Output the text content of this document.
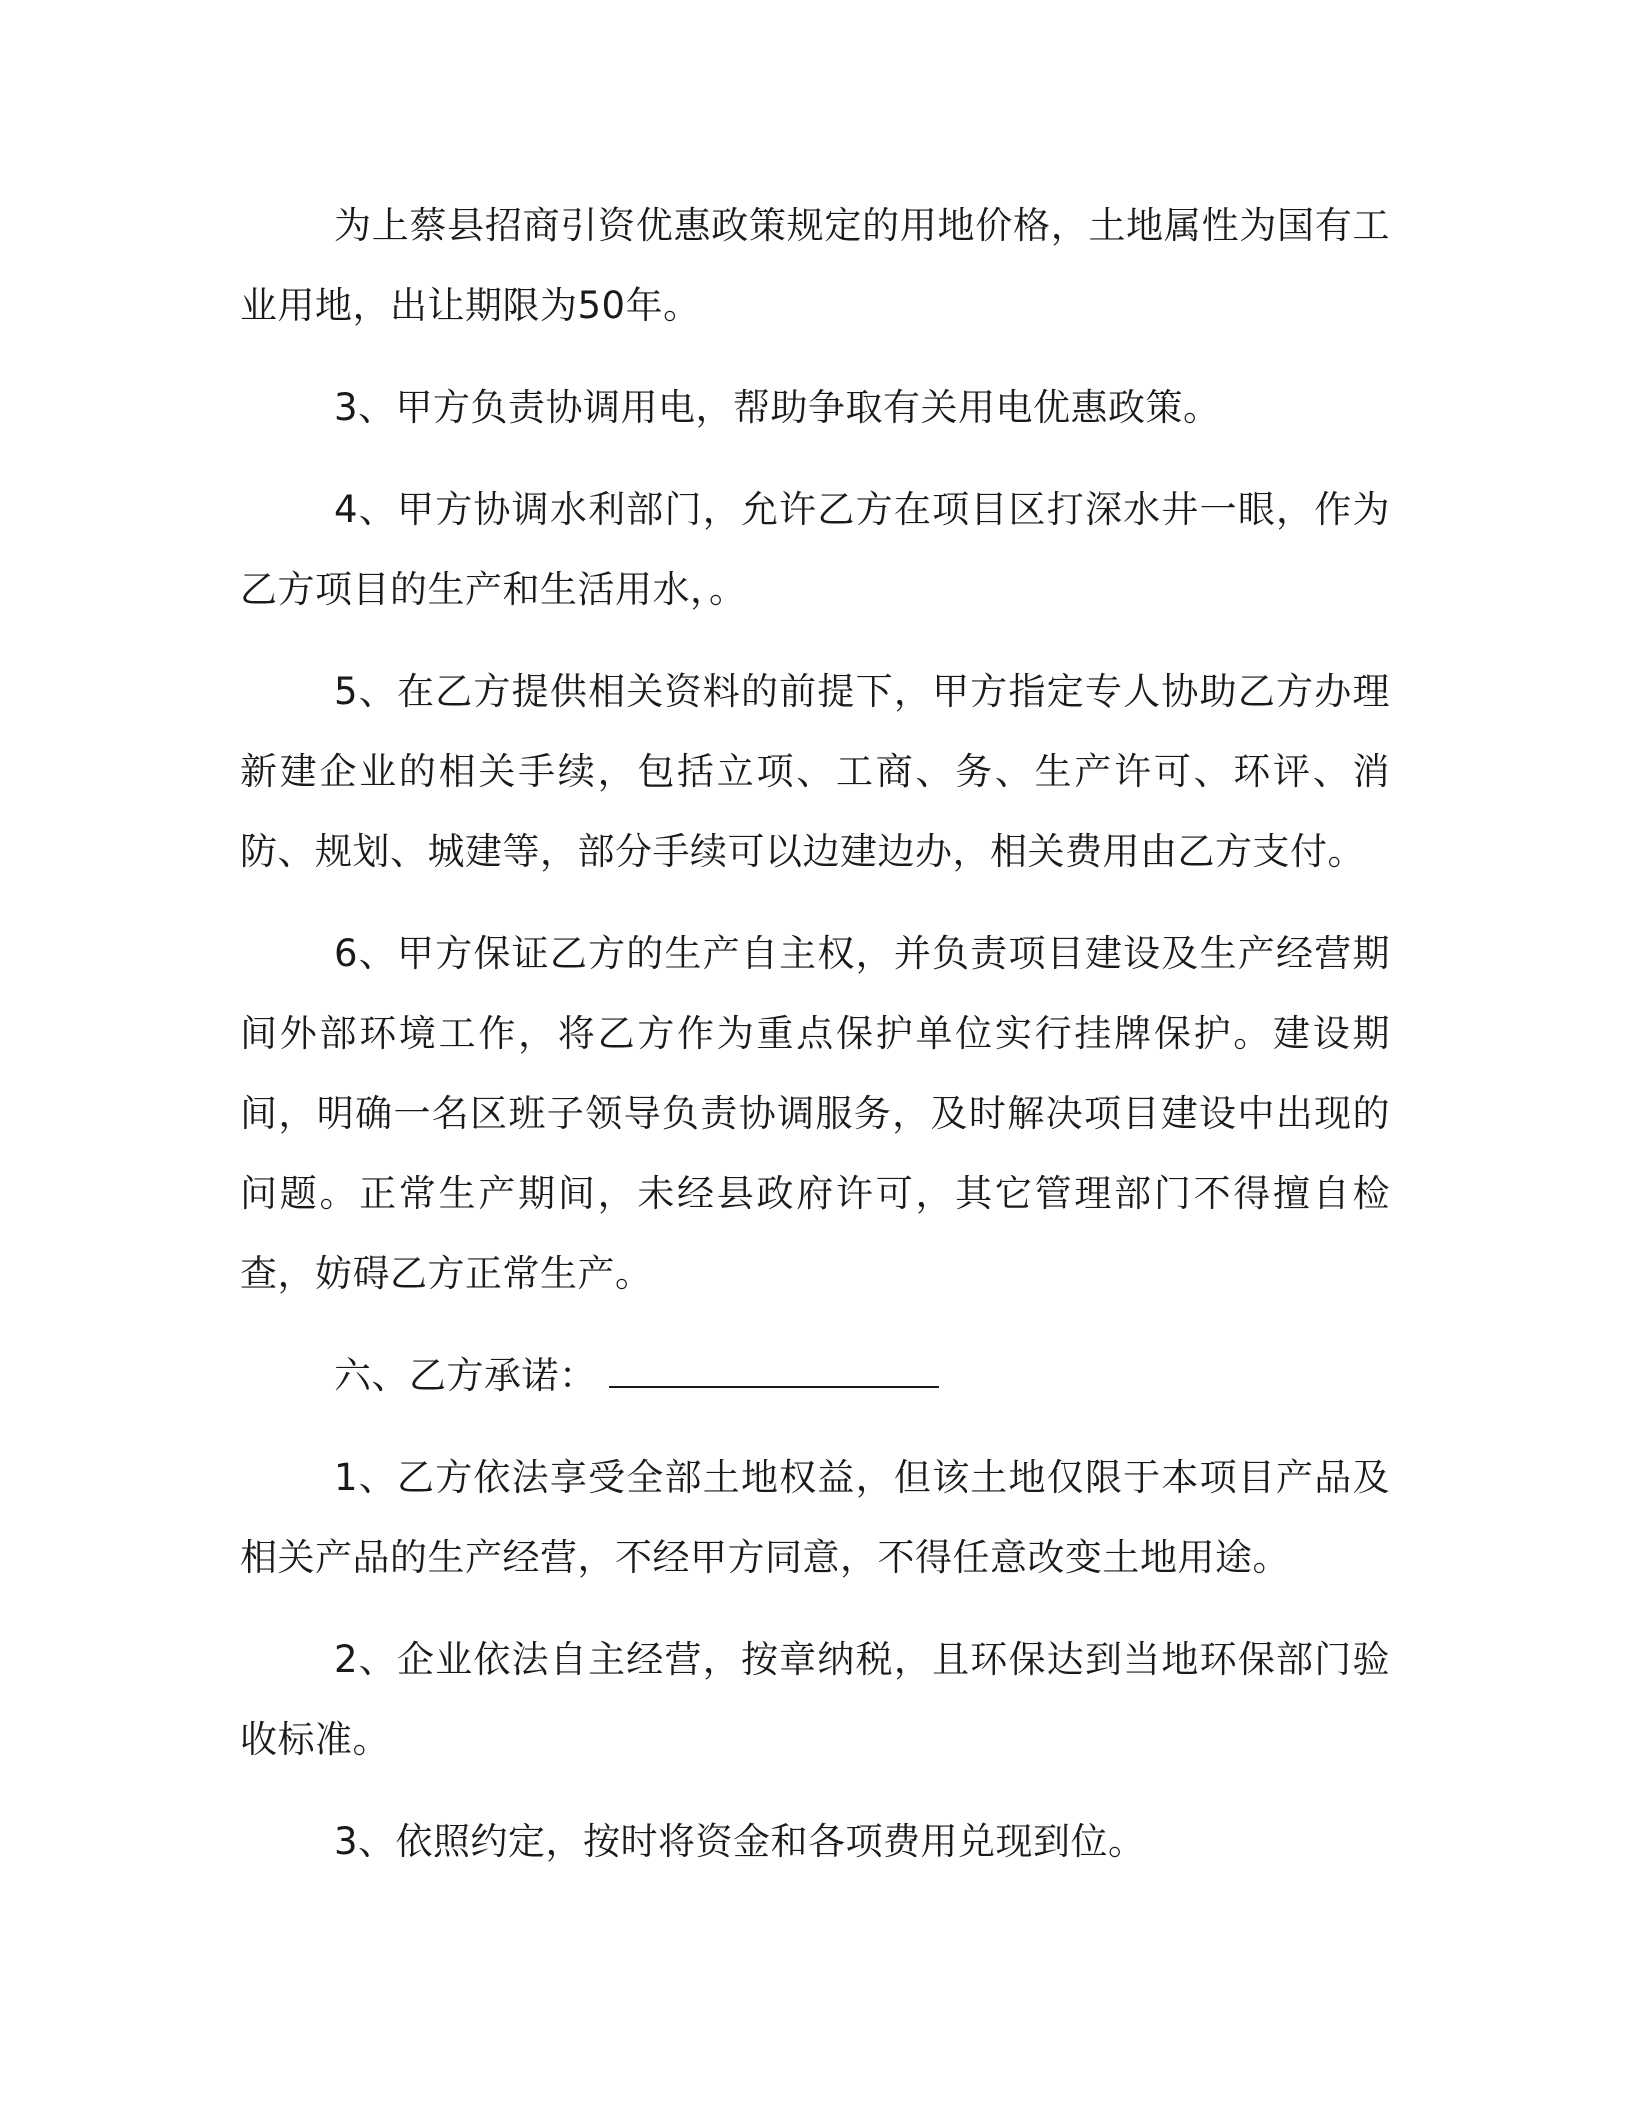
为上蔡县招商引资优惠政策规定的用地价格，土地属性为国有工业用地，出让期限为50年。

3、甲方负责协调用电，帮助争取有关用电优惠政策。

4、甲方协调水利部门，允许乙方在项目区打深水井一眼，作为乙方项目的生产和生活用水，。

5、在乙方提供相关资料的前提下，甲方指定专人协助乙方办理新建企业的相关手续，包括立项、工商、务、生产许可、环评、消防、规划、城建等，部分手续可以边建边办，相关费用由乙方支付。

6、甲方保证乙方的生产自主权，并负责项目建设及生产经营期间外部环境工作，将乙方作为重点保护单位实行挂牌保护。建设期间，明确一名区班子领导负责协调服务，及时解决项目建设中出现的问题。正常生产期间，未经县政府许可，其它管理部门不得擅自检查，妨碍乙方正常生产。

六、乙方承诺：

1、乙方依法享受全部土地权益，但该土地仅限于本项目产品及相关产品的生产经营，不经甲方同意，不得任意改变土地用途。

2、企业依法自主经营，按章纳税，且环保达到当地环保部门验收标准。

3、依照约定，按时将资金和各项费用兑现到位。
